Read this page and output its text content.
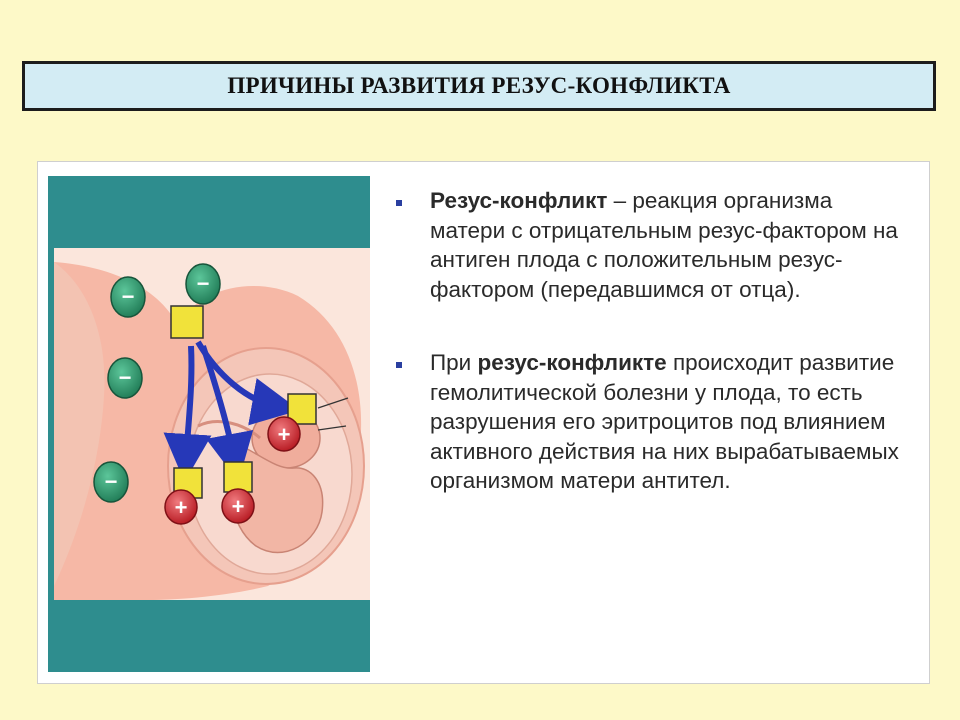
ПРИЧИНЫ РАЗВИТИЯ РЕЗУС-КОНФЛИКТА
−
−
−
−
+
+ +
Резус-конфликт – реакция организма матери с отрицательным резус-фактором на антиген плода с положительным резус-фактором (передавшимся от отца).
При резус-конфликте происходит развитие гемолитической болезни у плода, то есть разрушения его эритроцитов под влиянием активного действия на них вырабатываемых организмом матери антител.
